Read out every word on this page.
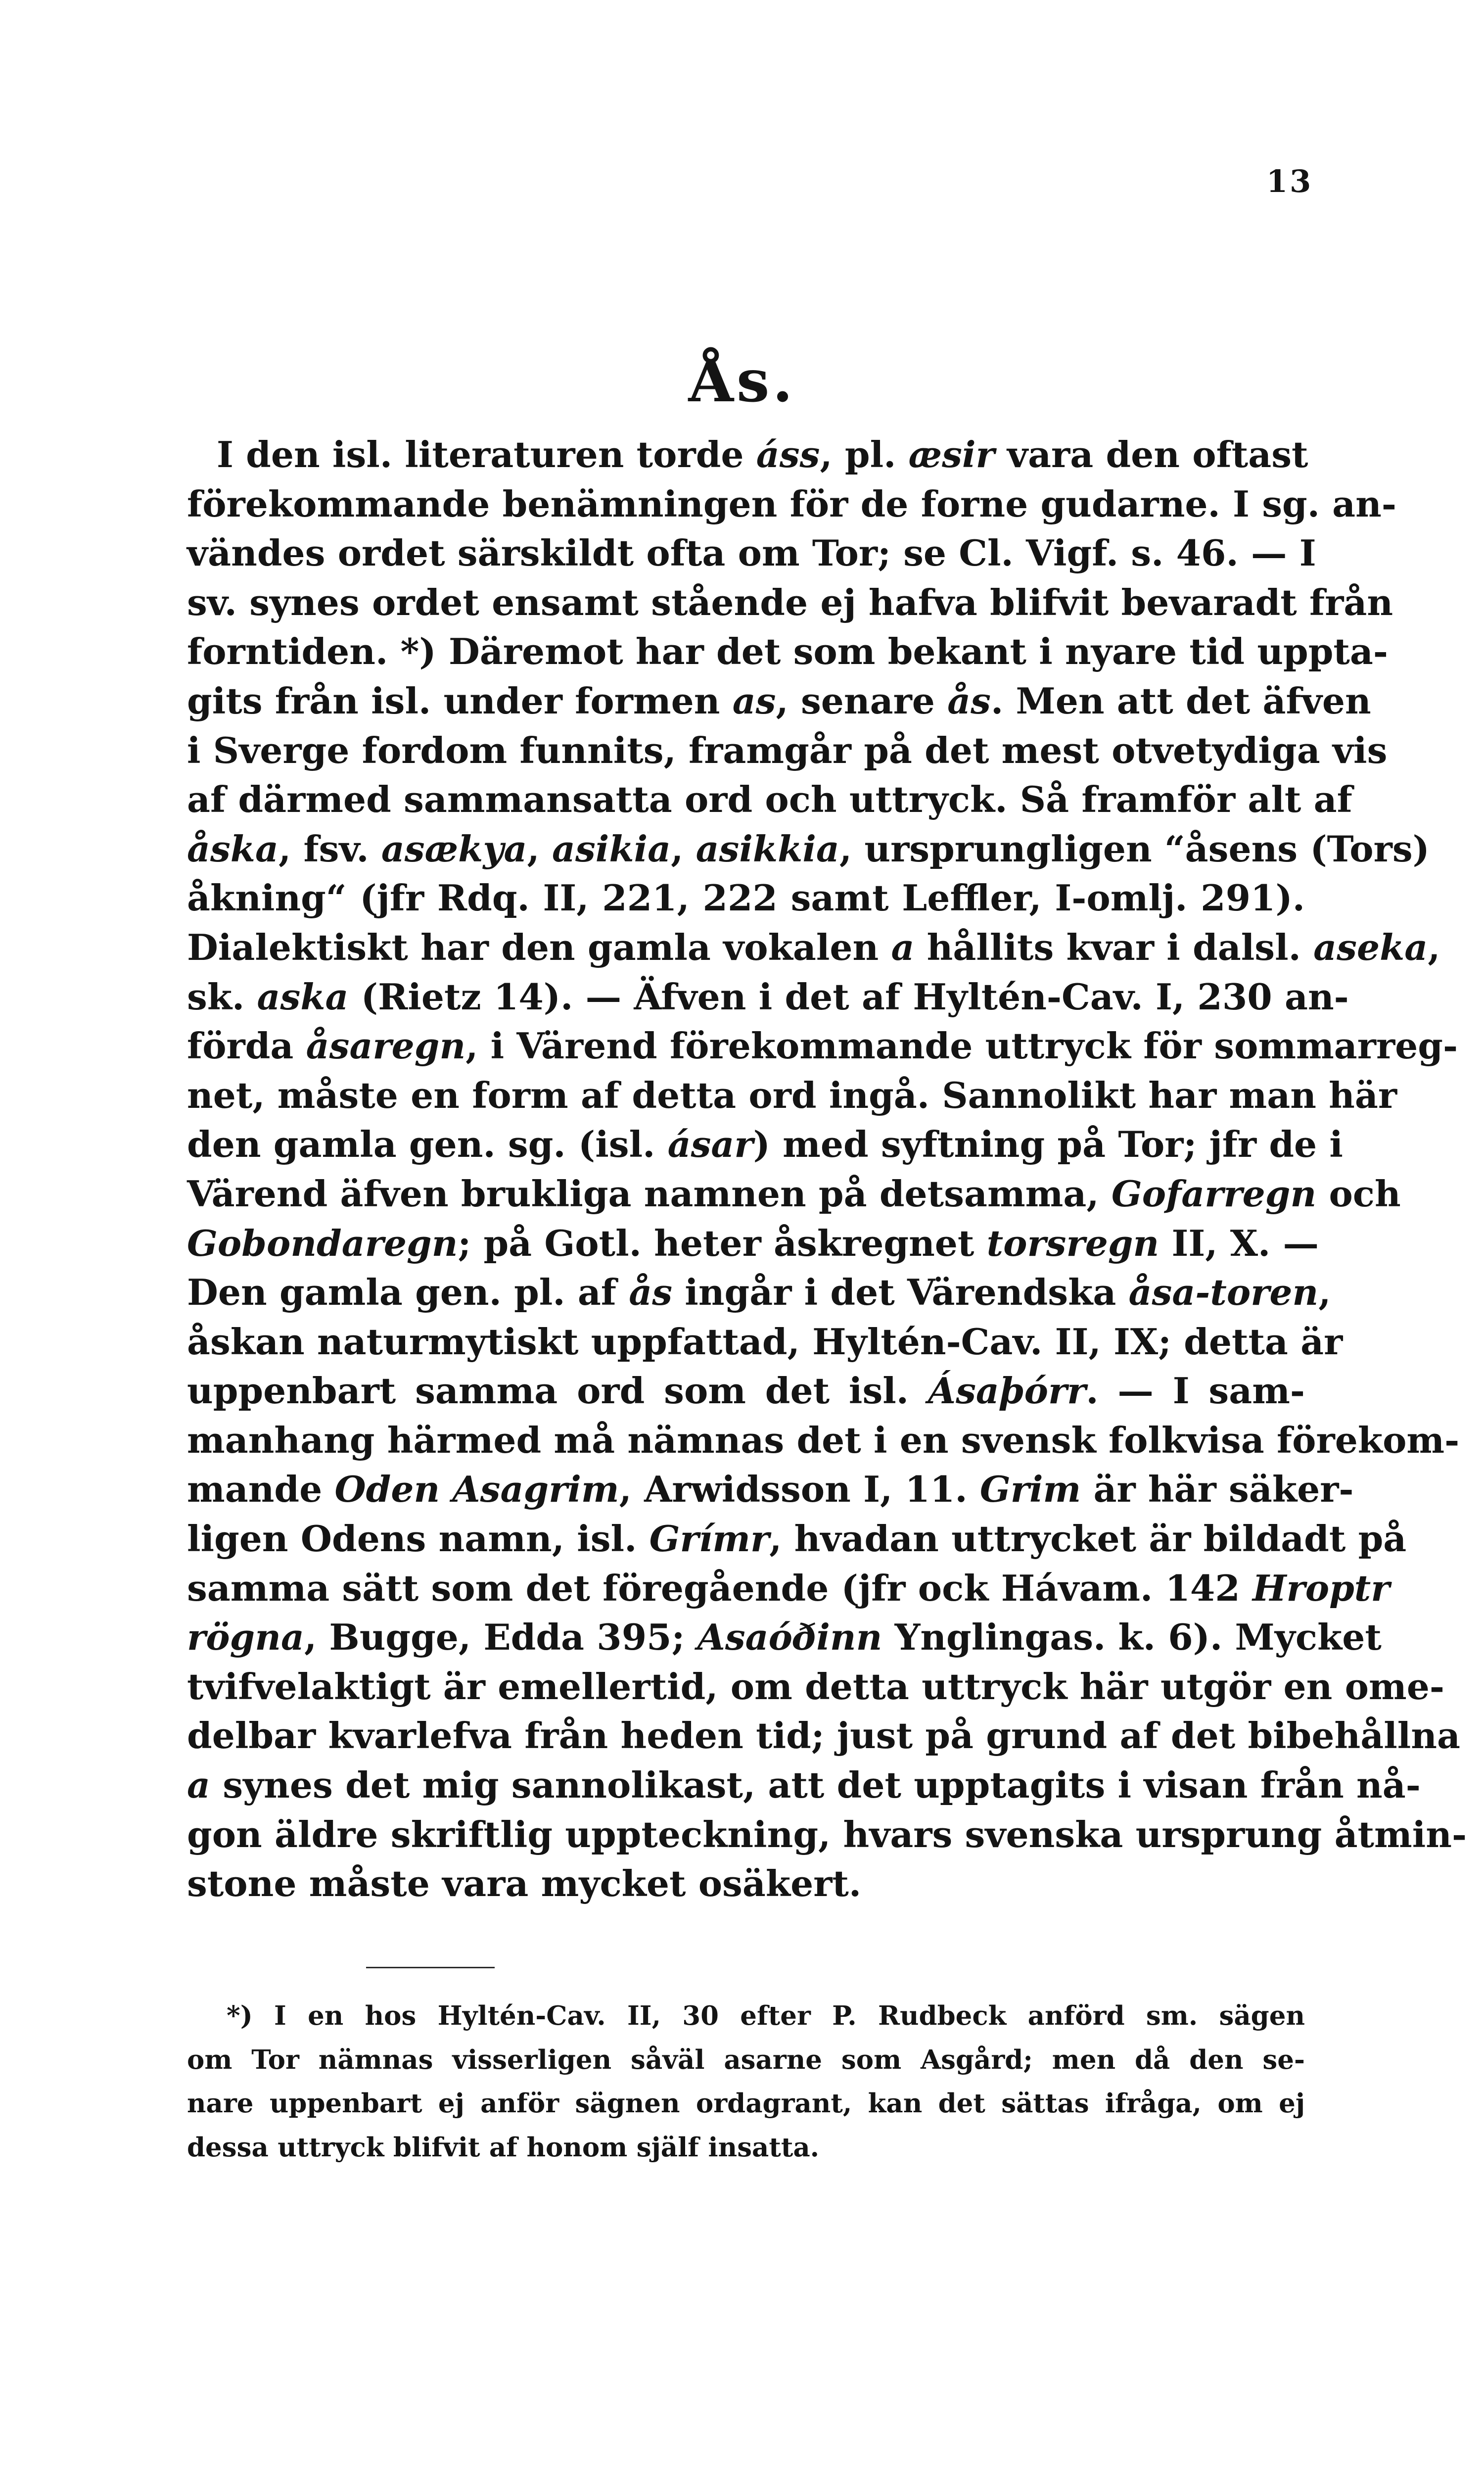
13
Ås.
I den isl. literaturen torde áss, pl. æsir vara den oftast
förekommande benämningen för de forne gudarne. I sg. an-
vändes ordet särskildt ofta om Tor; se Cl. Vigf. s. 46. — I
sv. synes ordet ensamt stående ej hafva blifvit bevaradt från
forntiden. *) Däremot har det som bekant i nyare tid uppta-
gits från isl. under formen as, senare ås. Men att det äfven
i Sverge fordom funnits, framgår på det mest otvetydiga vis
af därmed sammansatta ord och uttryck. Så framför alt af
åska, fsv. asækya, asikia, asikkia, ursprungligen “åsens (Tors)
åkning“ (jfr Rdq. II, 221, 222 samt Leffler, I-omlj. 291).
Dialektiskt har den gamla vokalen a hållits kvar i dalsl. aseka,
sk. aska (Rietz 14). — Äfven i det af Hyltén-Cav. I, 230 an-
förda åsaregn, i Värend förekommande uttryck för sommarreg-
net, måste en form af detta ord ingå. Sannolikt har man här
den gamla gen. sg. (isl. ásar) med syftning på Tor; jfr de i
Värend äfven brukliga namnen på detsamma, Gofarregn och
Gobondaregn; på Gotl. heter åskregnet torsregn II, X. —
Den gamla gen. pl. af ås ingår i det Värendska åsa-toren,
åskan naturmytiskt uppfattad, Hyltén-Cav. II, IX; detta är
uppenbart samma ord som det isl. Ásaþórr. — I sam-
manhang härmed må nämnas det i en svensk folkvisa förekom-
mande Oden Asagrim, Arwidsson I, 11. Grim är här säker-
ligen Odens namn, isl. Grímr, hvadan uttrycket är bildadt på
samma sätt som det föregående (jfr ock Hávam. 142 Hroptr
rögna, Bugge, Edda 395; Asaóðinn Ynglingas. k. 6). Mycket
tvifvelaktigt är emellertid, om detta uttryck här utgör en ome-
delbar kvarlefva från heden tid; just på grund af det bibehållna
a synes det mig sannolikast, att det upptagits i visan från nå-
gon äldre skriftlig uppteckning, hvars svenska ursprung åtmin-
stone måste vara mycket osäkert.
*) I en hos Hyltén-Cav. II, 30 efter P. Rudbeck anförd sm. sägen
om Tor nämnas visserligen såväl asarne som Asgård; men då den se-
nare uppenbart ej anför sägnen ordagrant, kan det sättas ifråga, om ej
dessa uttryck blifvit af honom själf insatta.
